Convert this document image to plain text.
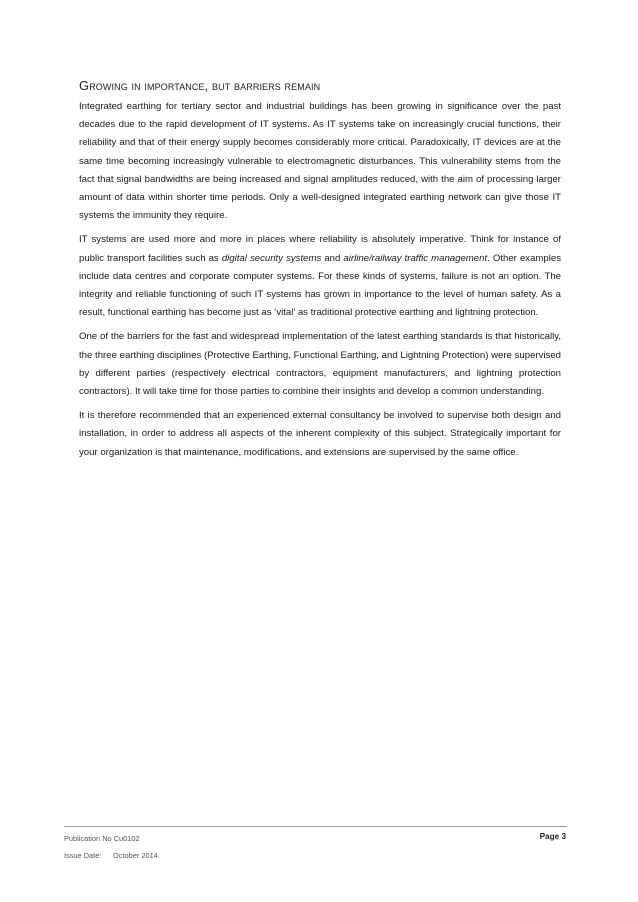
Growing in importance, but barriers remain

Integrated earthing for tertiary sector and industrial buildings has been growing in significance over the past decades due to the rapid development of IT systems. As IT systems take on increasingly crucial functions, their reliability and that of their energy supply becomes considerably more critical. Paradoxically, IT devices are at the same time becoming increasingly vulnerable to electromagnetic disturbances. This vulnerability stems from the fact that signal bandwidths are being increased and signal amplitudes reduced, with the aim of processing larger amount of data within shorter time periods. Only a well-designed integrated earthing network can give those IT systems the immunity they require.

IT systems are used more and more in places where reliability is absolutely imperative. Think for instance of public transport facilities such as digital security systems and airline/railway traffic management. Other examples include data centres and corporate computer systems. For these kinds of systems, failure is not an option. The integrity and reliable functioning of such IT systems has grown in importance to the level of human safety. As a result, functional earthing has become just as ‘vital’ as traditional protective earthing and lightning protection.

One of the barriers for the fast and widespread implementation of the latest earthing standards is that historically, the three earthing disciplines (Protective Earthing, Functional Earthing, and Lightning Protection) were supervised by different parties (respectively electrical contractors, equipment manufacturers, and lightning protection contractors). It will take time for those parties to combine their insights and develop a common understanding.

It is therefore recommended that an experienced external consultancy be involved to supervise both design and installation, in order to address all aspects of the inherent complexity of this subject. Strategically important for your organization is that maintenance, modifications, and extensions are supervised by the same office.

Publication No Cu0102
Issue Date: October 2014
Page 3
